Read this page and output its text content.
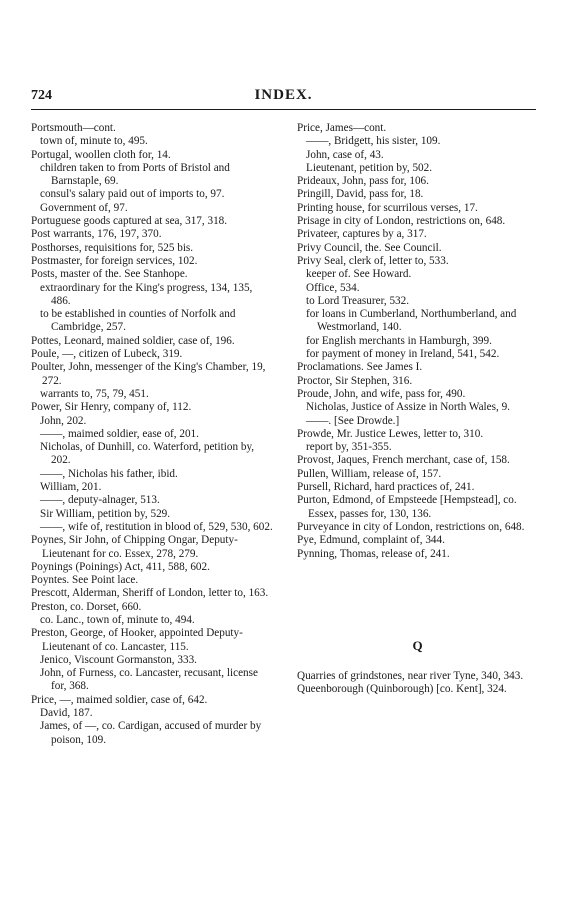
724	INDEX.

Portsmouth—cont.

town of, minute to, 495.

Portugal, woollen cloth for, 14.

children taken to from Ports of Bristol and Barnstaple, 69.

consul's salary paid out of imports to, 97.

Government of, 97.

Portuguese goods captured at sea, 317, 318.

Post warrants, 176, 197, 370.

Posthorses, requisitions for, 525 bis.

Postmaster, for foreign services, 102.

Posts, master of the. See Stanhope.

extraordinary for the King's progress, 134, 135, 486.

to be established in counties of Norfolk and Cambridge, 257.

Pottes, Leonard, mained soldier, case of, 196.

Poule, —, citizen of Lubeck, 319.

Poulter, John, messenger of the King's Chamber, 19, 272.

warrants to, 75, 79, 451.

Power, Sir Henry, company of, 112.

John, 202.

——, maimed soldier, ease of, 201.

Nicholas, of Dunhill, co. Waterford, petition by, 202.

——, Nicholas his father, ibid.

William, 201.

——, deputy-alnager, 513.

Sir William, petition by, 529.

——, wife of, restitution in blood of, 529, 530, 602.

Poynes, Sir John, of Chipping Ongar, Deputy-Lieutenant for co. Essex, 278, 279.

Poynings (Poinings) Act, 411, 588, 602.

Poyntes. See Point lace.

Prescott, Alderman, Sheriff of London, letter to, 163.

Preston, co. Dorset, 660.

co. Lanc., town of, minute to, 494.

Preston, George, of Hooker, appointed Deputy-Lieutenant of co. Lancaster, 115.

Jenico, Viscount Gormanston, 333.

John, of Furness, co. Lancaster, recusant, license for, 368.

Price, —, maimed soldier, case of, 642.

David, 187.

James, of —, co. Cardigan, accused of murder by poison, 109.

Price, James—cont.

——, Bridgett, his sister, 109.

John, case of, 43.

Lieutenant, petition by, 502.

Prideaux, John, pass for, 106.

Pringill, David, pass for, 18.

Printing house, for scurrilous verses, 17.

Prisage in city of London, restrictions on, 648.

Privateer, captures by a, 317.

Privy Council, the. See Council.

Privy Seal, clerk of, letter to, 533.

keeper of. See Howard.

Office, 534.

to Lord Treasurer, 532.

for loans in Cumberland, Northumberland, and Westmorland, 140.

for English merchants in Hamburgh, 399.

for payment of money in Ireland, 541, 542.

Proclamations. See James I.

Proctor, Sir Stephen, 316.

Proude, John, and wife, pass for, 490.

Nicholas, Justice of Assize in North Wales, 9.

——. [See Drowde.]

Prowde, Mr. Justice Lewes, letter to, 310.

report by, 351-355.

Provost, Jaques, French merchant, case of, 158.

Pullen, William, release of, 157.

Pursell, Richard, hard practices of, 241.

Purton, Edmond, of Empsteede [Hempstead], co. Essex, passes for, 130, 136.

Purveyance in city of London, restrictions on, 648.

Pye, Edmund, complaint of, 344.

Pynning, Thomas, release of, 241.

Q

Quarries of grindstones, near river Tyne, 340, 343.

Queenborough (Quinborough) [co. Kent], 324.
